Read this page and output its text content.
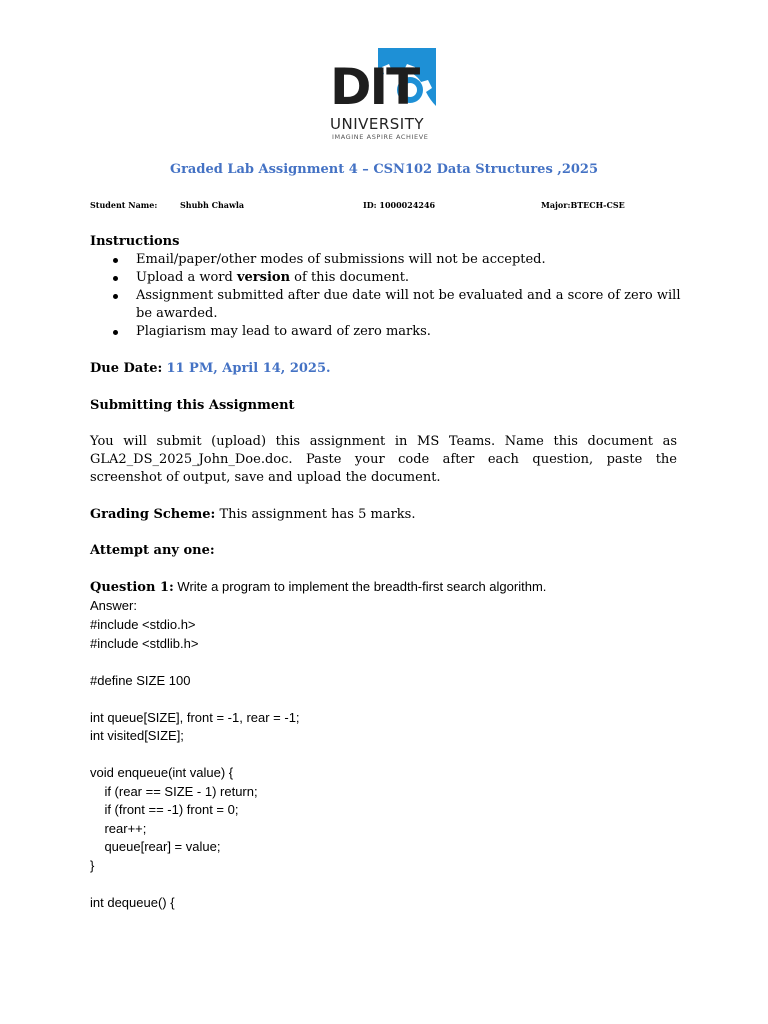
DIT
UNIVERSITY
IMAGINE ASPIRE ACHIEVE
Graded Lab Assignment 4 – CSN102 Data Structures ,2025
Student Name:	Shubh Chawla	ID: 1000024246	Major:BTECH-CSE
Instructions
Email/paper/other modes of submissions will not be accepted.
Upload a word version of this document.
Assignment submitted after due date will not be evaluated and a score of zero will be awarded.
Plagiarism may lead to award of zero marks.
Due Date: 11 PM, April 14, 2025.
Submitting this Assignment
You will submit (upload) this assignment in MS Teams. Name this document as GLA2_DS_2025_John_Doe.doc. Paste your code after each question, paste the screenshot of output, save and upload the document.
Grading Scheme: This assignment has 5 marks.
Attempt any one:
Question 1: Write a program to implement the breadth-first search algorithm.
Answer:
#include <stdio.h>
#include <stdlib.h>

#define SIZE 100

int queue[SIZE], front = -1, rear = -1;
int visited[SIZE];

void enqueue(int value) {
if (rear == SIZE - 1) return;
if (front == -1) front = 0;
rear++;
queue[rear] = value;
}

int dequeue() {
